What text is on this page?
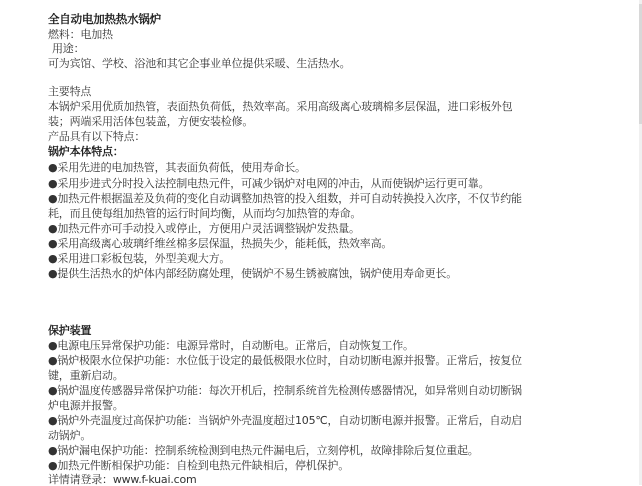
全自动电加热热水锅炉
燃料：电加热
用途：
可为宾馆、学校、浴池和其它企事业单位提供采暖、生活热水。
主要特点
本锅炉采用优质加热管，表面热负荷低，热效率高。采用高级离心玻璃棉多层保温，进口彩板外包
装；两端采用活体包装盖，方便安装检修。
产品具有以下特点：
锅炉本体特点：
●采用先进的电加热管，其表面负荷低，使用寿命长。
●采用步进式分时投入法控制电热元件，可减少锅炉对电网的冲击，从而使锅炉运行更可靠。
●加热元件根据温差及负荷的变化自动调整加热管的投入组数，并可自动转换投入次序，不仅节约能
耗，而且使每组加热管的运行时间均衡，从而均匀加热管的寿命。
●加热元件亦可手动投入或停止，方便用户灵活调整锅炉发热量。
●采用高级离心玻璃纤维丝棉多层保温，热损失少，能耗低，热效率高。
●采用进口彩板包装，外型美观大方。
●提供生活热水的炉体内部经防腐处理，使锅炉不易生锈被腐蚀，锅炉使用寿命更长。
保护装置
●电源电压异常保护功能：电源异常时，自动断电。正常后，自动恢复工作。
●锅炉极限水位保护功能：水位低于设定的最低极限水位时，自动切断电源并报警。正常后，按复位
键，重新启动。
●锅炉温度传感器异常保护功能：每次开机后，控制系统首先检测传感器情况，如异常则自动切断锅
炉电源并报警。
●锅炉外壳温度过高保护功能：当锅炉外壳温度超过105℃，自动切断电源并报警。正常后，自动启
动锅炉。
●锅炉漏电保护功能：控制系统检测到电热元件漏电后，立刻停机，故障排除后复位重起。
●加热元件断相保护功能：自检到电热元件缺相后，停机保护。
详情请登录：www.f-kuai.com
